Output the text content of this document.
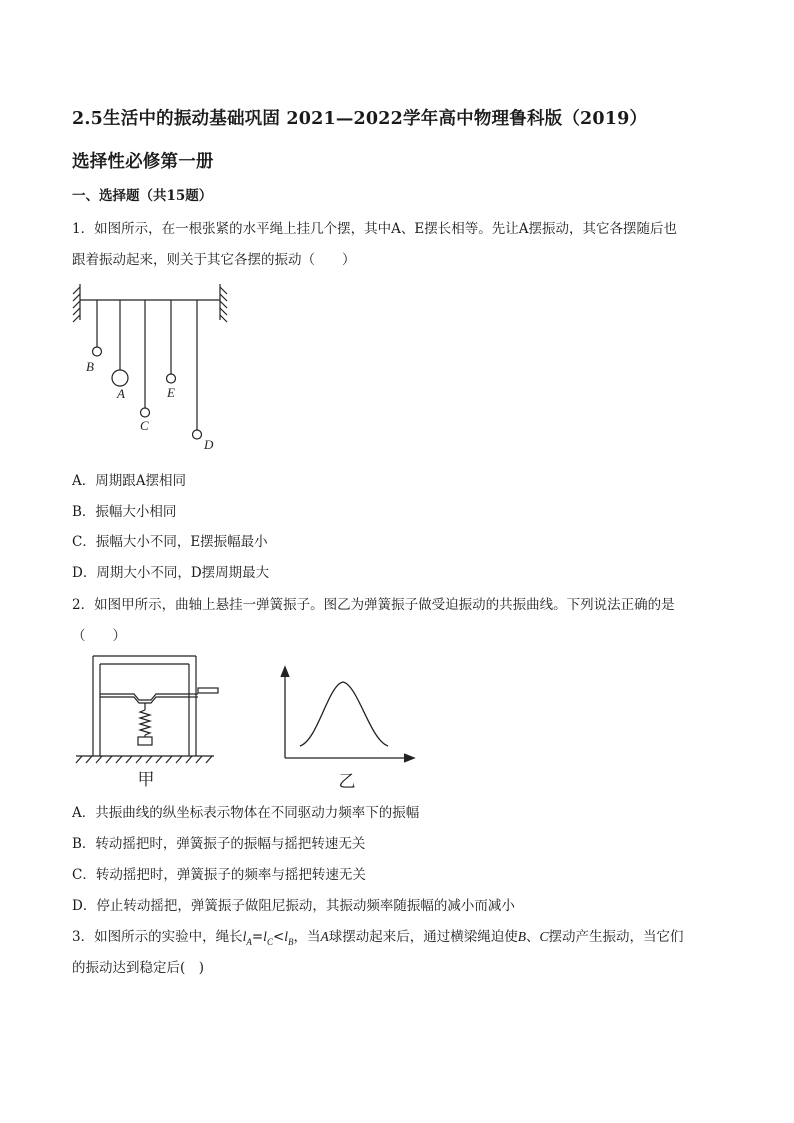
2.5生活中的振动基础巩固 2021—2022学年高中物理鲁科版（2019）

选择性必修第一册

一、选择题（共15题）

1．如图所示，在一根张紧的水平绳上挂几个摆，其中A、E摆长相等。先让A摆振动，其它各摆随后也

跟着振动起来，则关于其它各摆的振动（　　）

B
A	E
C
D

A．周期跟A摆相同

B．振幅大小相同

C．振幅大小不同，E摆振幅最小

D．周期大小不同，D摆周期最大

2．如图甲所示，曲轴上悬挂一弹簧振子。图乙为弹簧振子做受迫振动的共振曲线。下列说法正确的是

（　　）

甲	乙

A．共振曲线的纵坐标表示物体在不同驱动力频率下的振幅

B．转动摇把时，弹簧振子的振幅与摇把转速无关

C．转动摇把时，弹簧振子的频率与摇把转速无关

D．停止转动摇把，弹簧振子做阻尼振动，其振动频率随振幅的减小而减小

3．如图所示的实验中，绳长$l_A=l_C<l_B$，当A球摆动起来后，通过横梁绳迫使B、C摆动产生振动，当它们

的振动达到稳定后(　)
